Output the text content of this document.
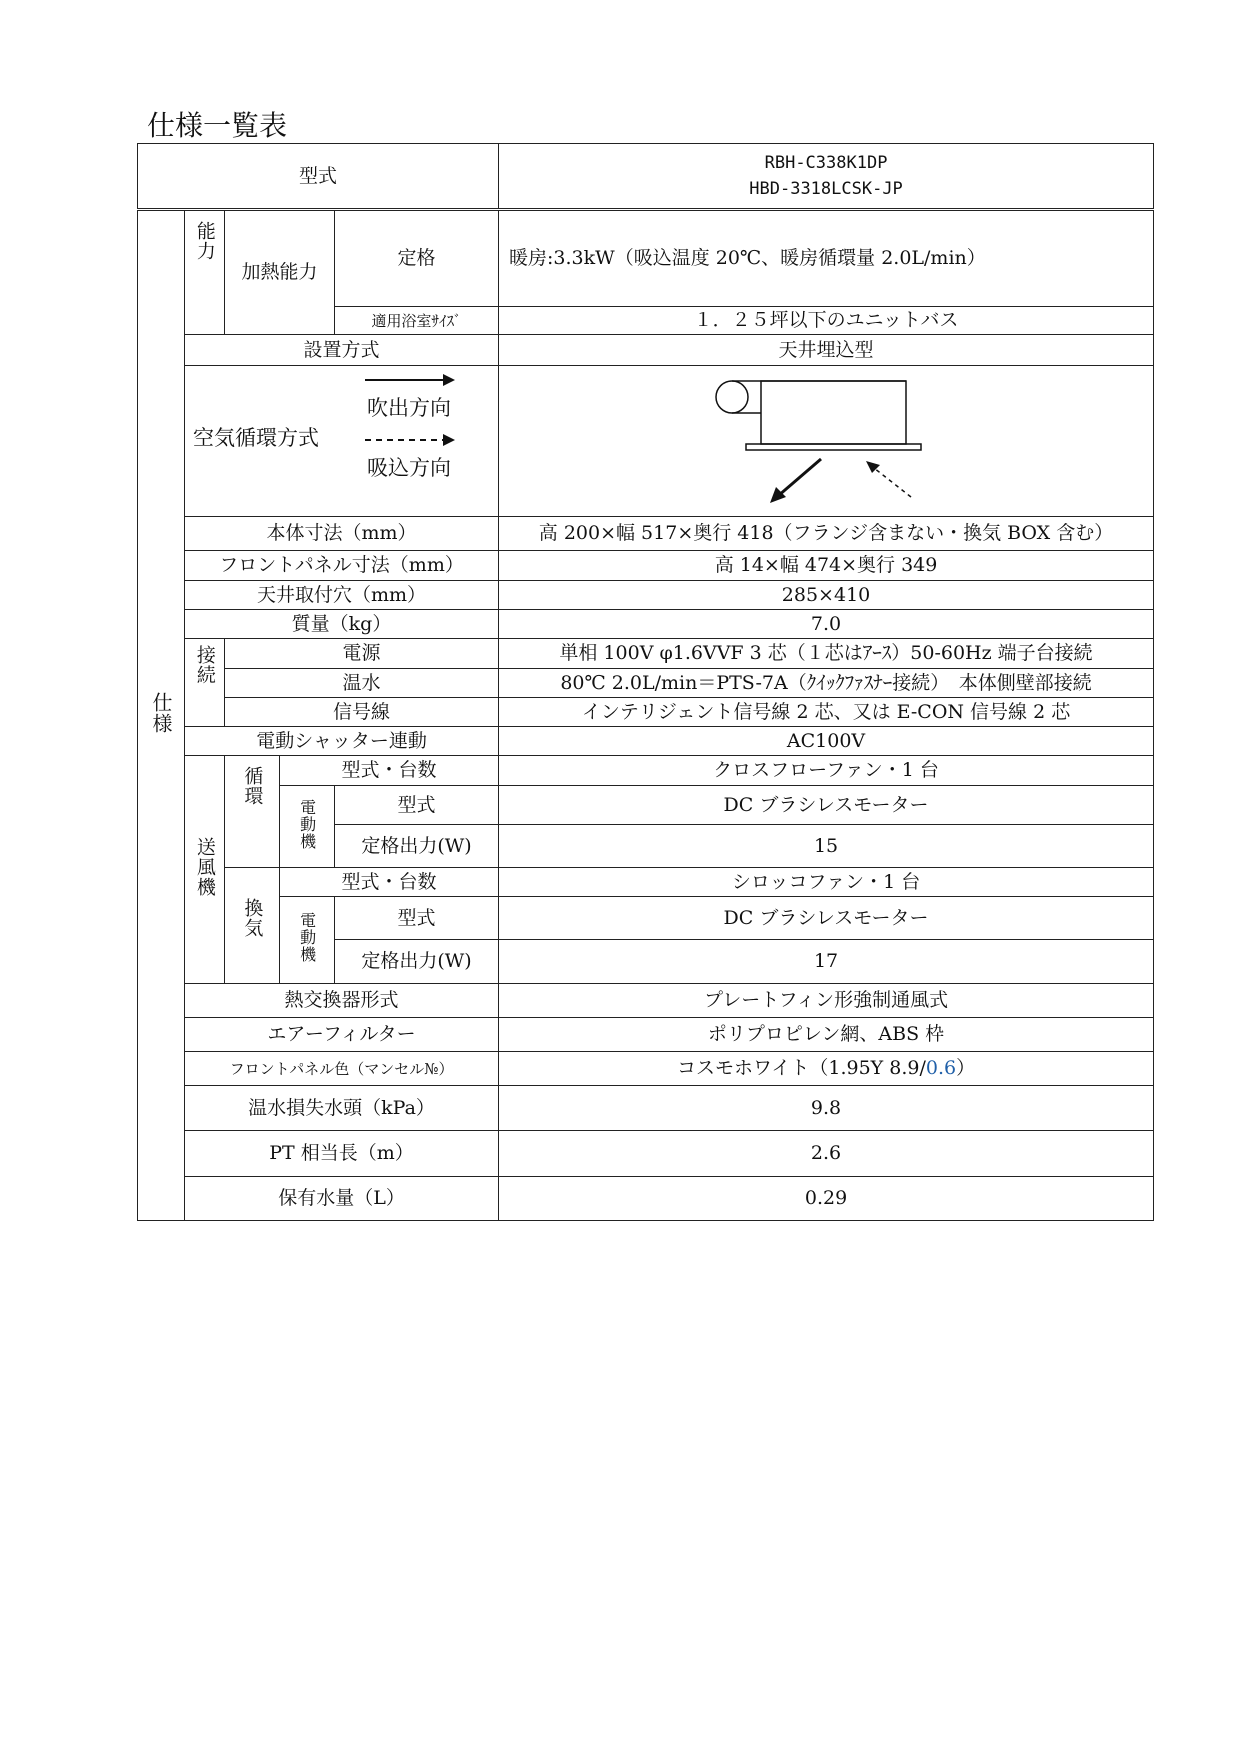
仕様一覧表
型式					RBH-C338K1DP
HBD-3318LCSK-JP

仕様	能力	加熱能力		定格	暖房:3.3kW（吸込温度 20℃、暖房循環量 2.0L/min）
				適用浴室ｻｲｽﾞ	１．２５坪以下のユニットバス
	設置方式				天井埋込型

	空気循環方式
吹出方向
吸込方向

	本体寸法（mm）				高 200×幅 517×奥行 418（フランジ含まない・換気 BOX 含む）
	フロントパネル寸法（mm）				高 14×幅 474×奥行 349
	天井取付穴（mm）				285×410
	質量（kg）				7.0
	接続	電源			単相 100V φ1.6VVF 3 芯（１芯はｱｰｽ）50-60Hz 端子台接続
		温水			80℃ 2.0L/min＝PTS-7A（ｸｲｯｸﾌｧｽﾅｰ接続）　本体側壁部接続
		信号線			インテリジェント信号線 2 芯、又は E-CON 信号線 2 芯
	電動シャッター連動				AC100V
	送風機	循環	型式・台数		クロスフローファン・1 台
			電動機	型式	DC ブラシレスモーター
				定格出力(W)	15
		換気	型式・台数		シロッコファン・1 台
			電動機	型式	DC ブラシレスモーター
				定格出力(W)	17
	熱交換器形式				プレートフィン形強制通風式
	エアーフィルター				ポリプロピレン網、ABS 枠
	フロントパネル色（マンセル№）				コスモホワイト（1.95Y 8.9/0.6）
	温水損失水頭（kPa）				9.8
	PT 相当長（m）				2.6
	保有水量（L）				0.29
